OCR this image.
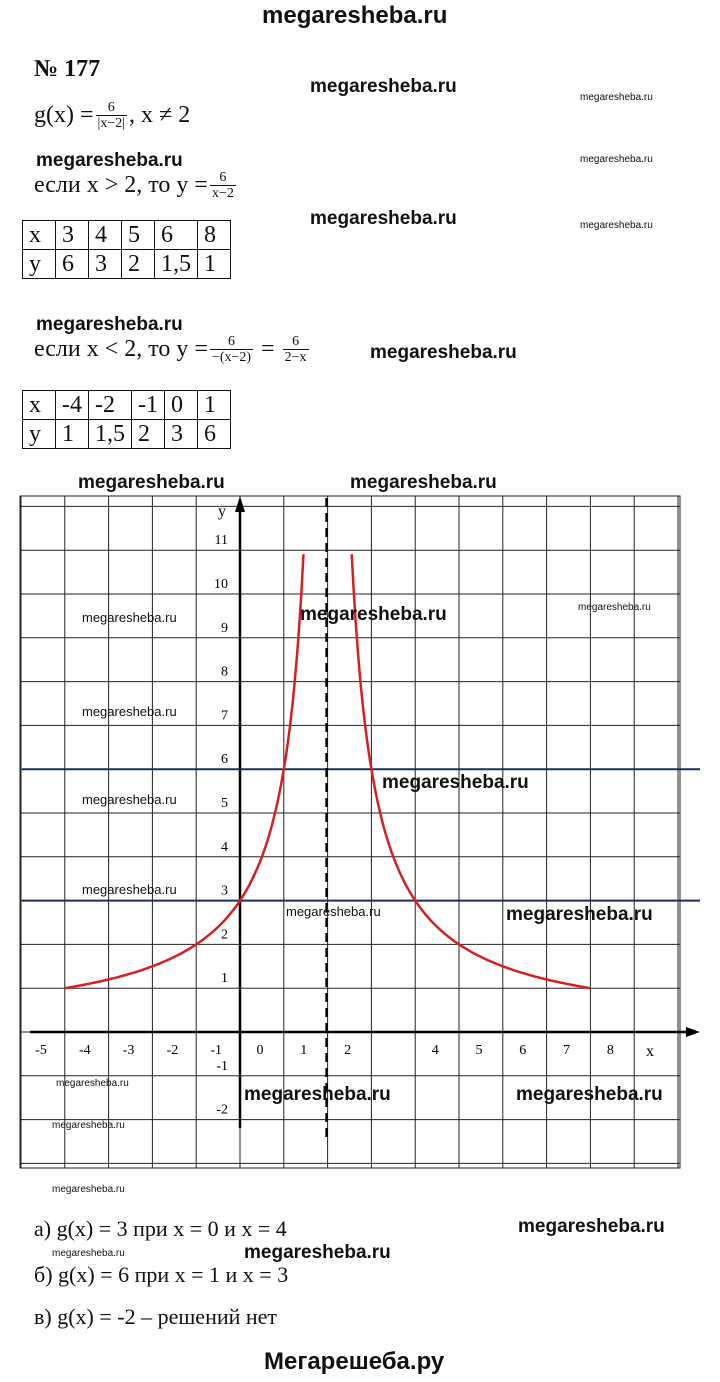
megaresheba.ru
№ 177
$g(x) = \frac{6}{|x-2|}$ , x ≠ 2
если x > 2, то $y = \frac{6}{x-2}$
x	3	4	5	6	8
y	6	3	2	1,5	1
если x < 2, то $y = \frac{6}{-(x-2)} = \frac{6}{2-x}$
x	-4	-2	-1	0	1
y	1	1,5	2	3	6
-5 -4 -3 -2 -1 0	1	2	4	5	6	7	8
11
10
9
8
7
6
5
4
3
2
1
-1
-2
x
y
а) g(x) = 3 при x = 0 и x = 4
б) g(x) = 6 при x = 1 и x = 3
в) g(x) = -2 – решений нет
Мегарешеба.ру
megaresheba.ru
megaresheba.ru
megaresheba.ru	megaresheba.ru
megaresheba.ru	megaresheba.ru
megaresheba.ru
megaresheba.ru
megaresheba.ru	megaresheba.ru
megaresheba.ru	megaresheba.ru	megaresheba.ru
megaresheba.ru
megaresheba.ru
megaresheba.ru
megaresheba.ru
megaresheba.ru	megaresheba.ru
megaresheba.ru
megaresheba.ru	megaresheba.ru
megaresheba.ru
megaresheba.ru
megaresheba.ru
megaresheba.ru	megaresheba.ru
